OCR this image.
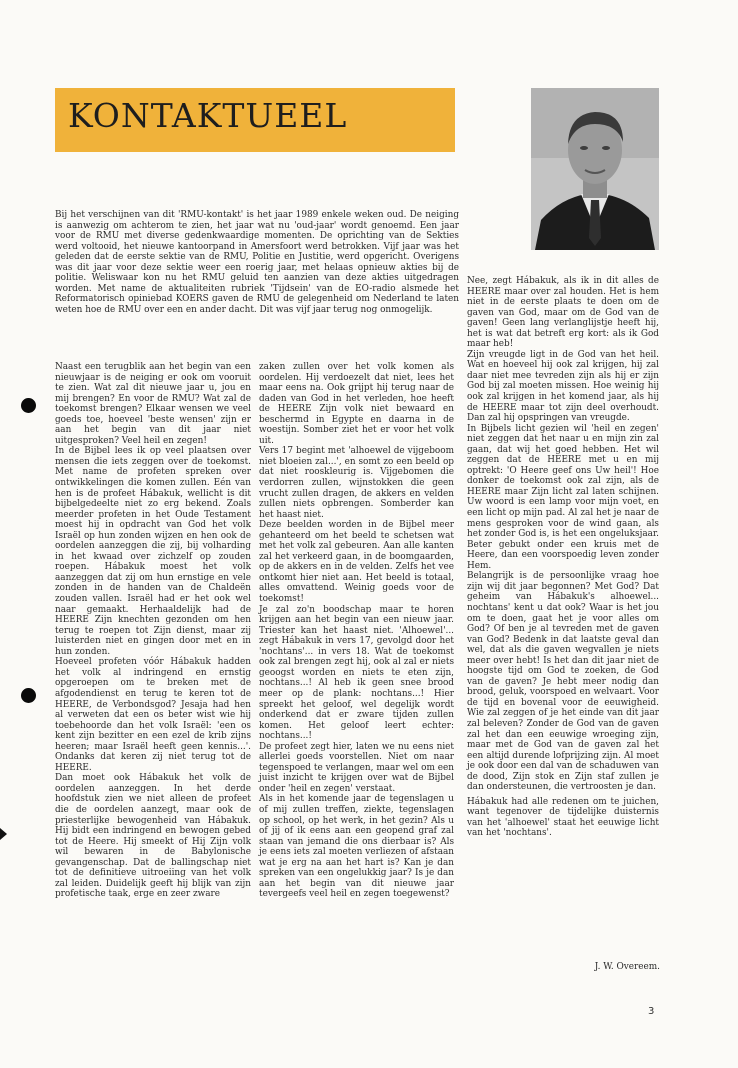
KONTAKTUEEL

Bij het verschijnen van dit 'RMU-kontakt' is het jaar 1989 enkele weken oud. De neiging is aanwezig om achterom te zien, het jaar wat nu 'oud-jaar' wordt genoemd. Een jaar voor de RMU met diverse gedenkwaardige momenten. De oprichting van de Sekties werd voltooid, het nieuwe kantoorpand in Amersfoort werd betrokken. Vijf jaar was het geleden dat de eerste sektie van de RMU, Politie en Justitie, werd opgericht. Overigens was dit jaar voor deze sektie weer een roerig jaar, met helaas opnieuw akties bij de politie. Weliswaar kon nu het RMU geluid ten aanzien van deze akties uitgedragen worden. Met name de aktualiteiten rubriek 'Tijdsein' van de EO-radio alsmede het Reformatorisch opiniebad KOERS gaven de RMU de gelegenheid om Nederland te laten weten hoe de RMU over een en ander dacht. Dit was vijf jaar terug nog onmogelijk.

Naast een terugblik aan het begin van een nieuwjaar is de neiging er ook om vooruit te zien. Wat zal dit nieuwe jaar u, jou en mij brengen? En voor de RMU? Wat zal de toekomst brengen? Elkaar wensen we veel goeds toe, hoeveel 'beste wensen' zijn er aan het begin van dit jaar niet uitgesproken? Veel heil en zegen!

In de Bijbel lees ik op veel plaatsen over mensen die iets zeggen over de toekomst. Met name de profeten spreken over ontwikkelingen die komen zullen. Eén van hen is de profeet Hábakuk, wellicht is dit bijbelgedeelte niet zo erg bekend. Zoals meerder profeten in het Oude Testament moest hij in opdracht van God het volk Israël op hun zonden wijzen en hen ook de oordelen aanzeggen die zij, bij volharding in het kwaad over zichzelf op zouden roepen. Hábakuk moest het volk aanzeggen dat zij om hun ernstige en vele zonden in de handen van de Chaldeën zouden vallen. Israël had er het ook wel naar gemaakt. Herhaaldelijk had de HEERE Zijn knechten gezonden om hen terug te roepen tot Zijn dienst, maar zij luisterden niet en gingen door met en in hun zonden.

Hoeveel profeten vóór Hábakuk hadden het volk al indringend en ernstig opgeroepen om te breken met de afgodendienst en terug te keren tot de HEERE, de Verbondsgod? Jesaja had hen al verweten dat een os beter wist wie hij toebehoorde dan het volk Israël: 'een os kent zijn bezitter en een ezel de krib zijns heeren; maar Israël heeft geen kennis...'. Ondanks dat keren zij niet terug tot de HEERE.

Dan moet ook Hábakuk het volk de oordelen aanzeggen. In het derde hoofdstuk zien we niet alleen de profeet die de oordelen aanzegt, maar ook de priesterlijke bewogenheid van Hábakuk. Hij bidt een indringend en bewogen gebed tot de Heere. Hij smeekt of Hij Zijn volk wil bewaren in de Babylonische gevangenschap. Dat de ballingschap niet tot de definitieve uitroeiing van het volk zal leiden. Duidelijk geeft hij blijk van zijn profetische taak, erge en zeer zware

zaken zullen over het volk komen als oordelen. Hij verdoezelt dat niet, lees het maar eens na. Ook grijpt hij terug naar de daden van God in het verleden, hoe heeft de HEERE Zijn volk niet bewaard en beschermd in Egypte en daarna in de woestijn. Somber ziet het er voor het volk uit.

Vers 17 begint met 'alhoewel de vijgeboom niet bloeien zal...', en somt zo een beeld op dat niet rooskleurig is. Vijgebomen die verdorren zullen, wijnstokken die geen vrucht zullen dragen, de akkers en velden zullen niets opbrengen. Somberder kan het haast niet.

Deze beelden worden in de Bijbel meer gehanteerd om het beeld te schetsen wat met het volk zal gebeuren. Aan alle kanten zal het verkeerd gaan, in de boomgaarden, op de akkers en in de velden. Zelfs het vee ontkomt hier niet aan. Het beeld is totaal, alles omvattend. Weinig goeds voor de toekomst!

Je zal zo'n boodschap maar te horen krijgen aan het begin van een nieuw jaar. Triester kan het haast niet. 'Alhoewel'... zegt Hábakuk in vers 17, gevolgd door het 'nochtans'... in vers 18. Wat de toekomst ook zal brengen zegt hij, ook al zal er niets geoogst worden en niets te eten zijn, nochtans...! Al heb ik geen snee brood meer op de plank: nochtans...! Hier spreekt het geloof, wel degelijk wordt onderkend dat er zware tijden zullen komen. Het geloof leert echter: nochtans...!

De profeet zegt hier, laten we nu eens niet allerlei goeds voorstellen. Niet om naar tegenspoed te verlangen, maar wel om een juist inzicht te krijgen over wat de Bijbel onder 'heil en zegen' verstaat.

Als in het komende jaar de tegenslagen u of mij zullen treffen, ziekte, tegenslagen op school, op het werk, in het gezin? Als u of jij of ik eens aan een geopend graf zal staan van jemand die ons dierbaar is? Als je eens iets zal moeten verliezen of afstaan wat je erg na aan het hart is? Kan je dan spreken van een ongelukkig jaar? Is je dan aan het begin van dit nieuwe jaar tevergeefs veel heil en zegen toegewenst?

Nee, zegt Hábakuk, als ik in dit alles de HEERE maar over zal houden. Het is hem niet in de eerste plaats te doen om de gaven van God, maar om de God van de gaven! Geen lang verlanglijstje heeft hij, het is wat dat betreft erg kort: als ik God maar heb!

Zijn vreugde ligt in de God van het heil. Wat en hoeveel hij ook zal krijgen, hij zal daar niet mee tevreden zijn als hij er zijn God bij zal moeten missen. Hoe weinig hij ook zal krijgen in het komend jaar, als hij de HEERE maar tot zijn deel overhoudt. Dan zal hij opspringen van vreugde.

In Bijbels licht gezien wil 'heil en zegen' niet zeggen dat het naar u en mijn zin zal gaan, dat wij het goed hebben. Het wil zeggen dat de HEERE met u en mij optrekt: 'O Heere geef ons Uw heil'! Hoe donker de toekomst ook zal zijn, als de HEERE maar Zijn licht zal laten schijnen. Uw woord is een lamp voor mijn voet, en een licht op mijn pad. Al zal het je naar de mens gesproken voor de wind gaan, als het zonder God is, is het een ongeluksjaar. Beter gebukt onder een kruis met de Heere, dan een voorspoedig leven zonder Hem.

Belangrijk is de persoonlijke vraag hoe zijn wij dit jaar begonnen? Met God? Dat geheim van Hábakuk's alhoewel... nochtans' kent u dat ook? Waar is het jou om te doen, gaat het je voor alles om God? Of ben je al tevreden met de gaven van God? Bedenk in dat laatste geval dan wel, dat als die gaven wegvallen je niets meer over hebt! Is het dan dit jaar niet de hoogste tijd om God te zoeken, de God van de gaven? Je hebt meer nodig dan brood, geluk, voorspoed en welvaart. Voor de tijd en bovenal voor de eeuwigheid. Wie zal zeggen of je het einde van dit jaar zal beleven? Zonder de God van de gaven zal het dan een eeuwige wroeging zijn, maar met de God van de gaven zal het een altijd durende lofprijzing zijn. Al moet je ook door een dal van de schaduwen van de dood, Zijn stok en Zijn staf zullen je dan ondersteunen, die vertroosten je dan.

Hábakuk had alle redenen om te juichen, want tegenover de tijdelijke duisternis van het 'alhoewel' staat het eeuwige licht van het 'nochtans'.

J. W. Overeem.
3
